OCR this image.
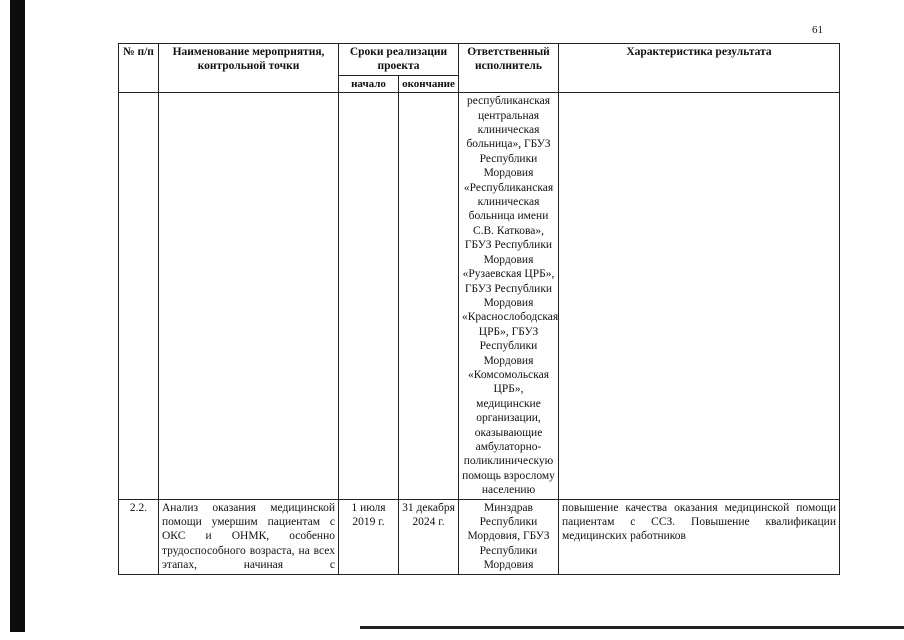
61
№ п/п	Наименование мероприятия, контрольной точки	Сроки реализации проекта		Ответственный исполнитель	Характеристика результата
		начало	окончание		
				республиканская центральная клиническая больница», ГБУЗ Республики Мордовия «Республиканская клиническая больница имени С.В. Каткова», ГБУЗ Республики Мордовия «Рузаевская ЦРБ», ГБУЗ Республики Мордовия «Краснослободская ЦРБ», ГБУЗ Республики Мордовия «Комсомольская ЦРБ», медицинские организации, оказывающие амбулаторно-поликлиническую помощь взрослому населению	
2.2.	Анализ оказания медицинской помощи умершим пациентам с ОКС и ОНМК, особенно трудоспособного возраста, на всех этапах, начиная с	1 июля 2019 г.	31 декабря 2024 г.	Минздрав Республики Мордовия, ГБУЗ Республики Мордовия	повышение качества оказания медицинской помощи пациентам с ССЗ. Повышение квалификации медицинских работников
